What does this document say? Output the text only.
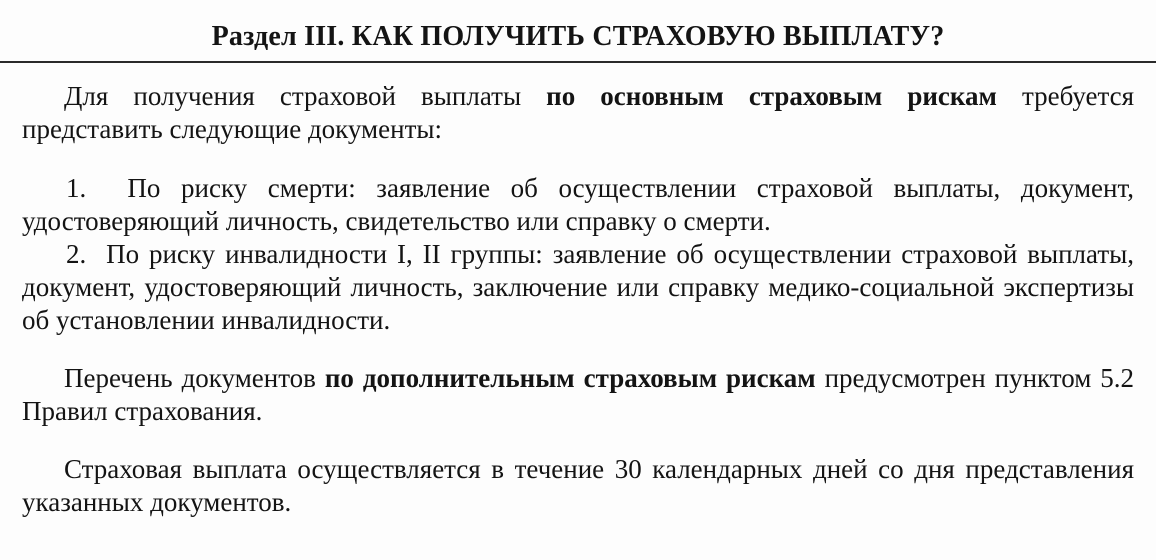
Раздел III. КАК ПОЛУЧИТЬ СТРАХОВУЮ ВЫПЛАТУ?

Для получения страховой выплаты по основным страховым рискам требуется представить следующие документы:

1. По риску смерти: заявление об осуществлении страховой выплаты, документ, удостоверяющий личность, свидетельство или справку о смерти.

2. По риску инвалидности I, II группы: заявление об осуществлении страховой выплаты, документ, удостоверяющий личность, заключение или справку медико-социальной экспертизы об установлении инвалидности.

Перечень документов по дополнительным страховым рискам предусмотрен пунктом 5.2 Правил страхования.

Страховая выплата осуществляется в течение 30 календарных дней со дня представления указанных документов.
